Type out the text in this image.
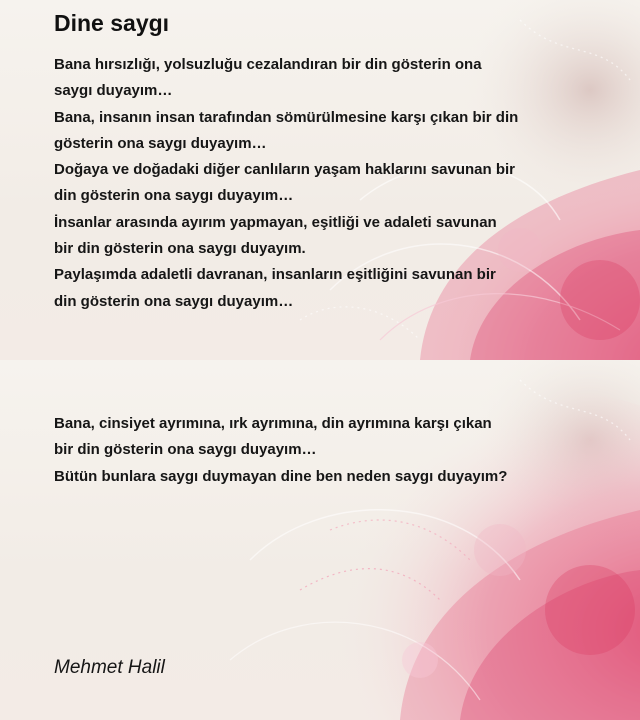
Dine saygı

Bana hırsızlığı, yolsuzluğu cezalandıran bir din gösterin ona
saygı duyayım…
Bana, insanın insan tarafından sömürülmesine karşı çıkan bir din
gösterin ona saygı duyayım…
Doğaya ve doğadaki diğer canlıların yaşam haklarını savunan bir
din gösterin ona saygı duyayım…
İnsanlar arasında ayırım yapmayan, eşitliği ve adaleti savunan
bir din gösterin ona saygı duyayım.
Paylaşımda adaletli davranan, insanların eşitliğini savunan bir
din gösterin ona saygı duyayım…

Bana, cinsiyet ayrımına, ırk ayrımına, din ayrımına karşı çıkan
bir din gösterin ona saygı duyayım…
Bütün bunlara saygı duymayan dine ben neden saygı duyayım?

Mehmet Halil
